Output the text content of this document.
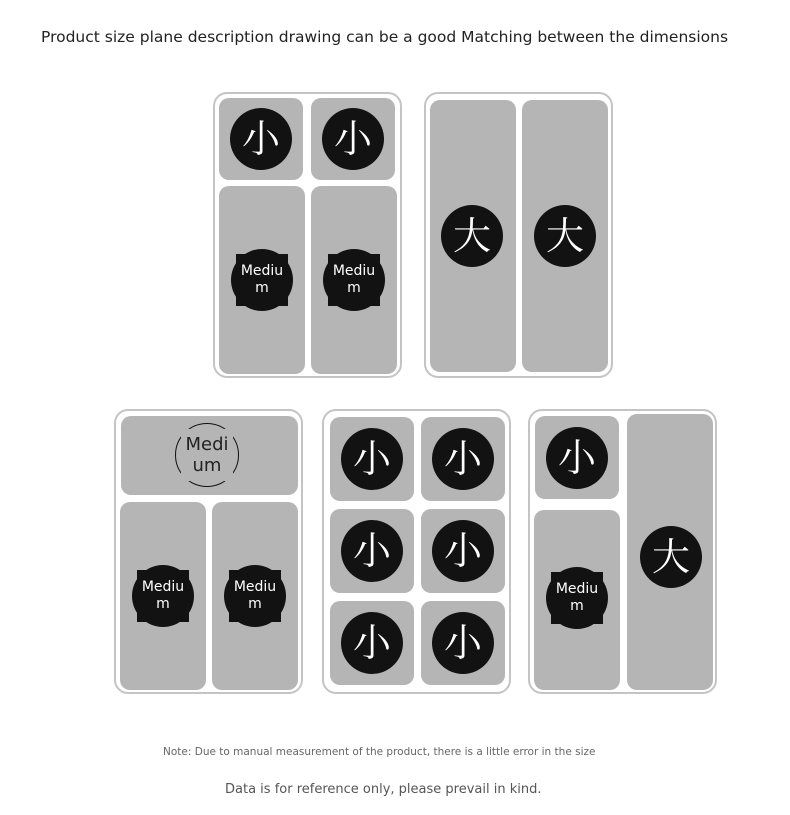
Product size plane description drawing can be a good Matching between the dimensions
小	小
Medium
Medium
大	大
Medium
Medium
Medium
小	小
小	小
小	小
小
Medium
大
Note: Due to manual measurement of the product, there is a little error in the size
Data is for reference only, please prevail in kind.
